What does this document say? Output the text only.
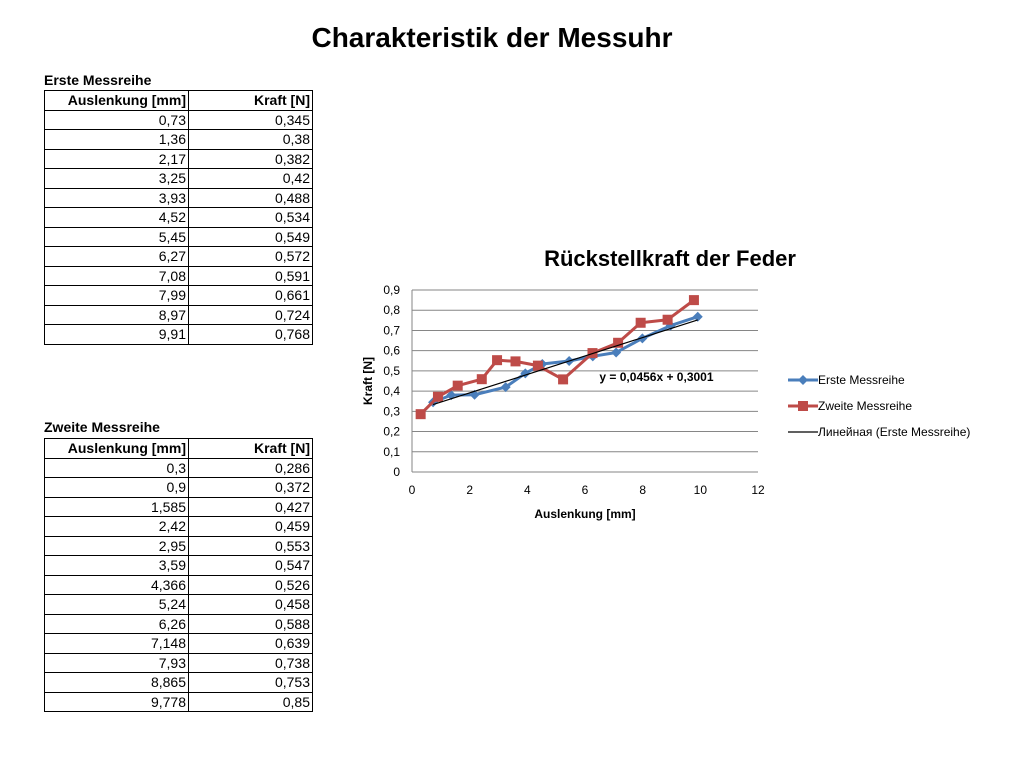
Charakteristik der Messuhr
Erste Messreihe
Auslenkung [mm]	Kraft [N]
0,73	0,345
1,36	0,38
2,17	0,382
3,25	0,42
3,93	0,488
4,52	0,534
5,45	0,549
6,27	0,572
7,08	0,591
7,99	0,661
8,97	0,724
9,91	0,768
Zweite Messreihe
Auslenkung [mm]	Kraft [N]
0,3	0,286
0,9	0,372
1,585	0,427
2,42	0,459
2,95	0,553
3,59	0,547
4,366	0,526
5,24	0,458
6,26	0,588
7,148	0,639
7,93	0,738
8,865	0,753
9,778	0,85
Rückstellkraft der Feder
0
0,1
0,2
0,3
0,4
0,5
0,6
0,7
0,8
0,9
0	2	4	6	8	10	12
Auslenkung [mm]
Kraft [N]	y = 0,0456x + 0,3001	Erste Messreihe
Zweite Messreihe
Линейная (Erste Messreihe)
